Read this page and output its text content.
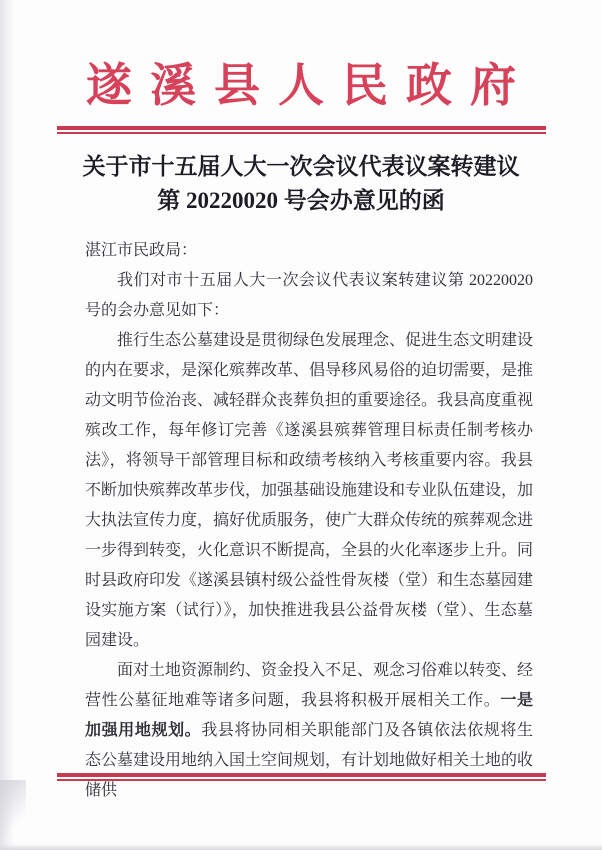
遂溪县人民政府
关于市十五届人大一次会议代表议案转建议
第 20220020 号会办意见的函

湛江市民政局：

我们对市十五届人大一次会议代表议案转建议第 20220020 号的会办意见如下：

推行生态公墓建设是贯彻绿色发展理念、促进生态文明建设的内在要求，是深化殡葬改革、倡导移风易俗的迫切需要，是推动文明节俭治丧、减轻群众丧葬负担的重要途径。我县高度重视殡改工作，每年修订完善《遂溪县殡葬管理目标责任制考核办法》，将领导干部管理目标和政绩考核纳入考核重要内容。我县不断加快殡葬改革步伐，加强基础设施建设和专业队伍建设，加大执法宣传力度，搞好优质服务，使广大群众传统的殡葬观念进一步得到转变，火化意识不断提高，全县的火化率逐步上升。同时县政府印发《遂溪县镇村级公益性骨灰楼（堂）和生态墓园建设实施方案（试行）》，加快推进我县公益骨灰楼（堂）、生态墓园建设。

面对土地资源制约、资金投入不足、观念习俗难以转变、经营性公墓征地难等诸多问题，我县将积极开展相关工作。一是加强用地规划。我县将协同相关职能部门及各镇依法依规将生态公墓建设用地纳入国土空间规划，有计划地做好相关土地的收储供
